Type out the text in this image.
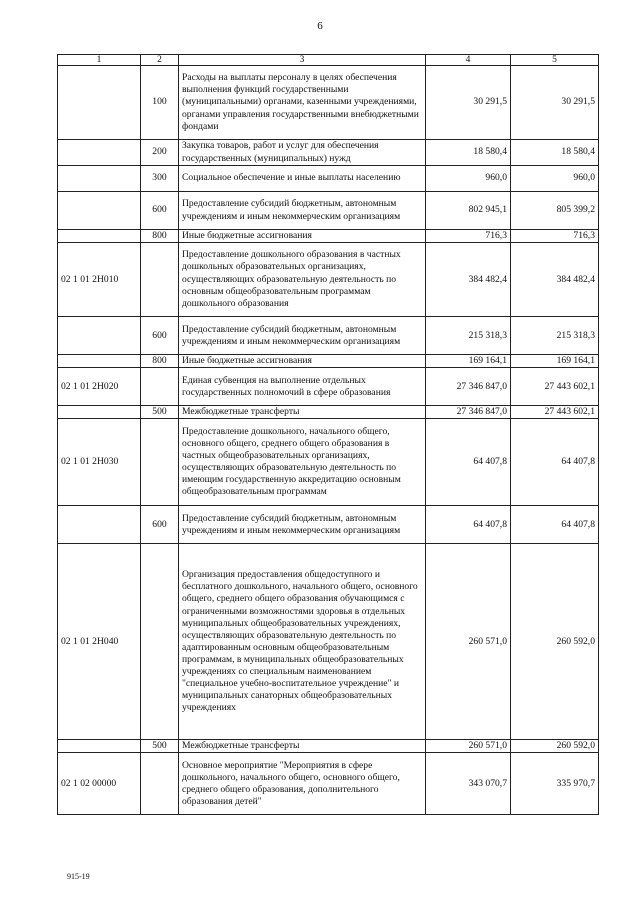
6
1	2	3	4	5
	100	Расходы на выплаты персоналу в целях обеспечения выполнения функций государственными (муниципальными) органами, казенными учреждениями, органами управления государственными внебюджетными фондами	30 291,5	30 291,5
	200	Закупка товаров, работ и услуг для обеспечения государственных (муниципальных) нужд	18 580,4	18 580,4
	300	Социальное обеспечение и иные выплаты населению	960,0	960,0
	600	Предоставление субсидий бюджетным, автономным учреждениям и иным некоммерческим организациям	802 945,1	805 399,2
	800	Иные бюджетные ассигнования	716,3	716,3
02 1 01 2Н010		Предоставление дошкольного образования в частных дошкольных образовательных организациях, осуществляющих образовательную деятельность по основным общеобразовательным программам дошкольного образования	384 482,4	384 482,4
	600	Предоставление субсидий бюджетным, автономным учреждениям и иным некоммерческим организациям	215 318,3	215 318,3
	800	Иные бюджетные ассигнования	169 164,1	169 164,1
02 1 01 2Н020		Единая субвенция на выполнение отдельных государственных полномочий в сфере образования	27 346 847,0	27 443 602,1
	500	Межбюджетные трансферты	27 346 847,0	27 443 602,1
02 1 01 2Н030		Предоставление дошкольного, начального общего, основного общего, среднего общего образования в частных общеобразовательных организациях, осуществляющих образовательную деятельность по имеющим государственную аккредитацию основным общеобразовательным программам	64 407,8	64 407,8
	600	Предоставление субсидий бюджетным, автономным учреждениям и иным некоммерческим организациям	64 407,8	64 407,8
02 1 01 2Н040		Организация предоставления общедоступного и бесплатного дошкольного, начального общего, основного общего, среднего общего образования обучающимся с ограниченными возможностями здоровья в отдельных муниципальных общеобразовательных учреждениях, осуществляющих образовательную деятельность по адаптированным основным общеобразовательным программам, в муниципальных общеобразовательных учреждениях со специальным наименованием "специальное учебно-воспитательное учреждение" и муниципальных санаторных общеобразовательных учреждениях	260 571,0	260 592,0
	500	Межбюджетные трансферты	260 571,0	260 592,0
02 1 02 00000		Основное мероприятие "Мероприятия в сфере дошкольного, начального общего, основного общего, среднего общего образования, дополнительного образования детей"	343 070,7	335 970,7
915-19
